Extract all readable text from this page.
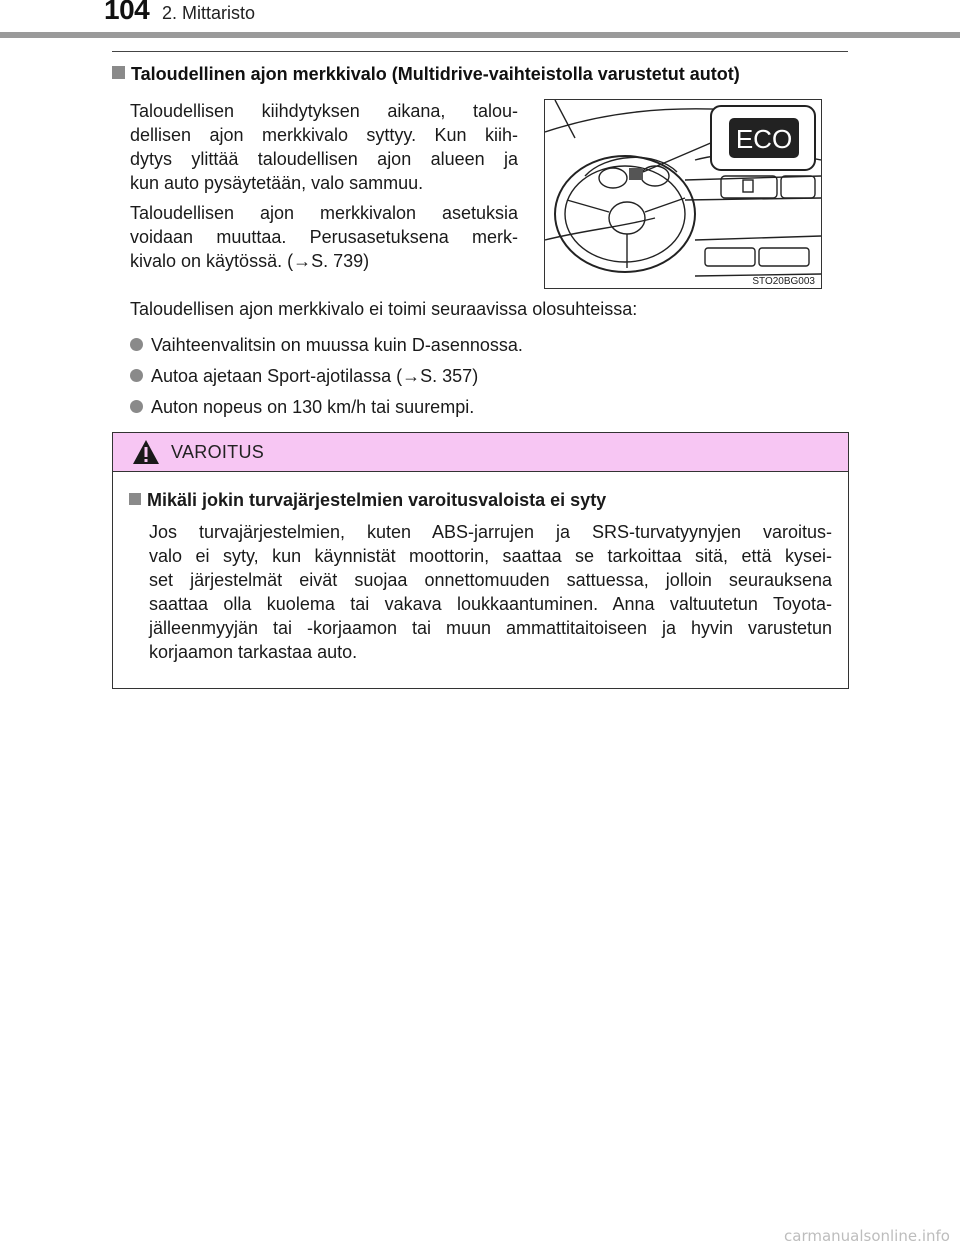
104 2. Mittaristo
Taloudellinen ajon merkkivalo (Multidrive-vaihteistolla varustetut autot)

Taloudellisen kiihdytyksen aikana, talou-
dellisen ajon merkkivalo syttyy. Kun kiih-
dytys ylittää taloudellisen ajon alueen ja
kun auto pysäytetään, valo sammuu.

Taloudellisen ajon merkkivalon asetuksia
voidaan muuttaa. Perusasetuksena merk-
kivalo on käytössä. (→S. 739)

ECO
STO20BG003

Taloudellisen ajon merkkivalo ei toimi seuraavissa olosuhteissa:

Vaihteenvalitsin on muussa kuin D-asennossa.
Autoa ajetaan Sport-ajotilassa (→S. 357)
Auton nopeus on 130 km/h tai suurempi.
VAROITUS
Mikäli jokin turvajärjestelmien varoitusvaloista ei syty

Jos turvajärjestelmien, kuten ABS-jarrujen ja SRS-turvatyynyjen varoitus-
valo ei syty, kun käynnistät moottorin, saattaa se tarkoittaa sitä, että kysei-
set järjestelmät eivät suojaa onnettomuuden sattuessa, jolloin seurauksena
saattaa olla kuolema tai vakava loukkaantuminen. Anna valtuutetun Toyota-
jälleenmyyjän tai -korjaamon tai muun ammattitaitoiseen ja hyvin varustetun
korjaamon tarkastaa auto.

carmanualsonline.info
